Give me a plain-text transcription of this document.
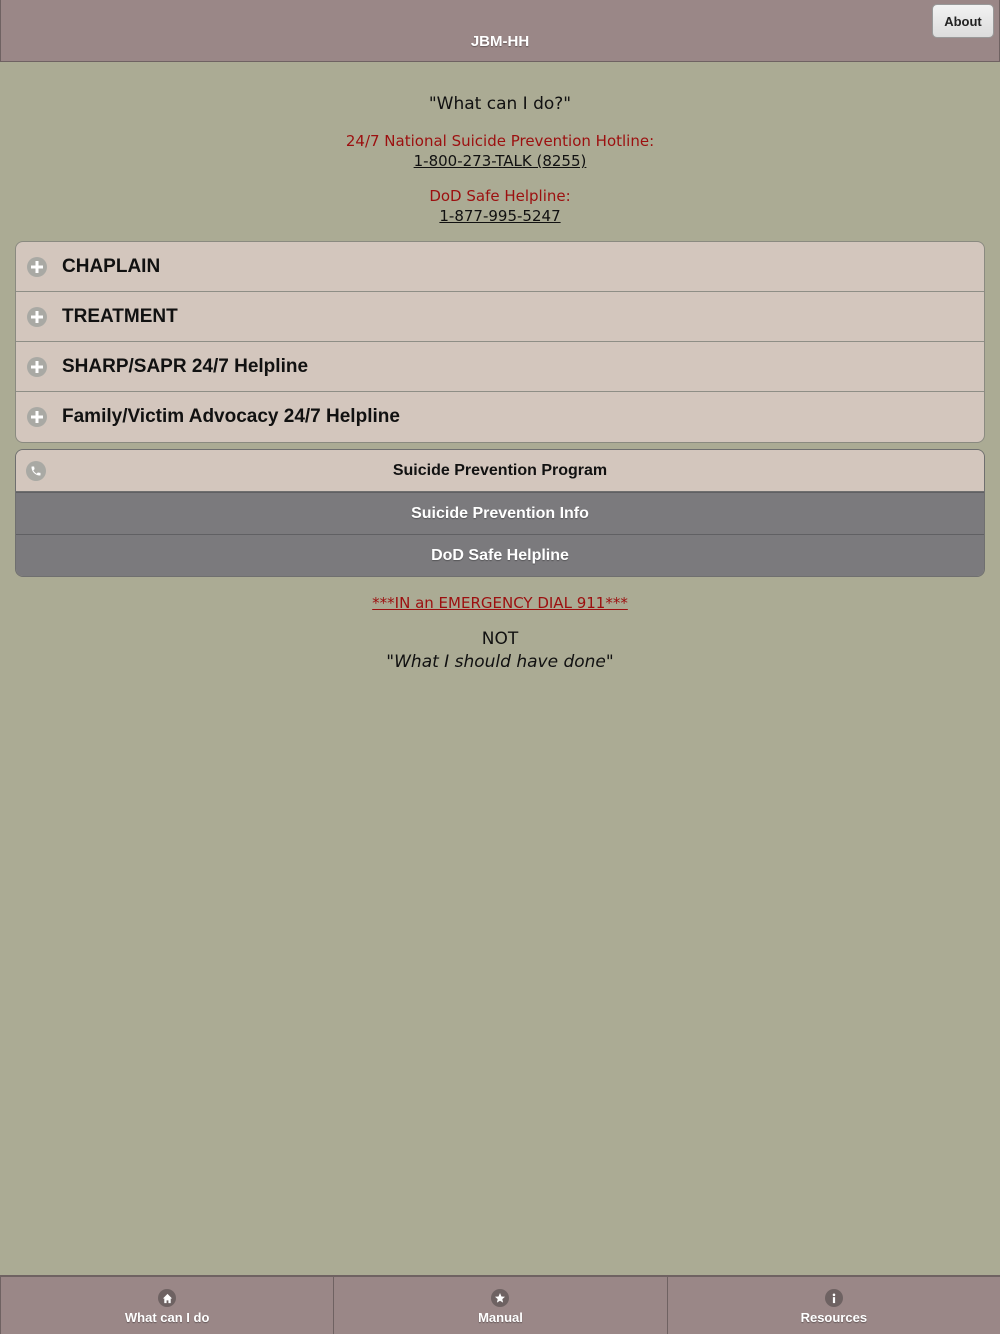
JBM-HH
About
"What can I do?"
24/7 National Suicide Prevention Hotline:
1-800-273-TALK (8255)
DoD Safe Helpline:
1-877-995-5247
CHAPLAIN
TREATMENT
SHARP/SAPR 24/7 Helpline
Family/Victim Advocacy 24/7 Helpline
Suicide Prevention Program
Suicide Prevention Info
DoD Safe Helpline
***IN an EMERGENCY DIAL 911***
NOT
"What I should have done"
What can I do	Manual	Resources
